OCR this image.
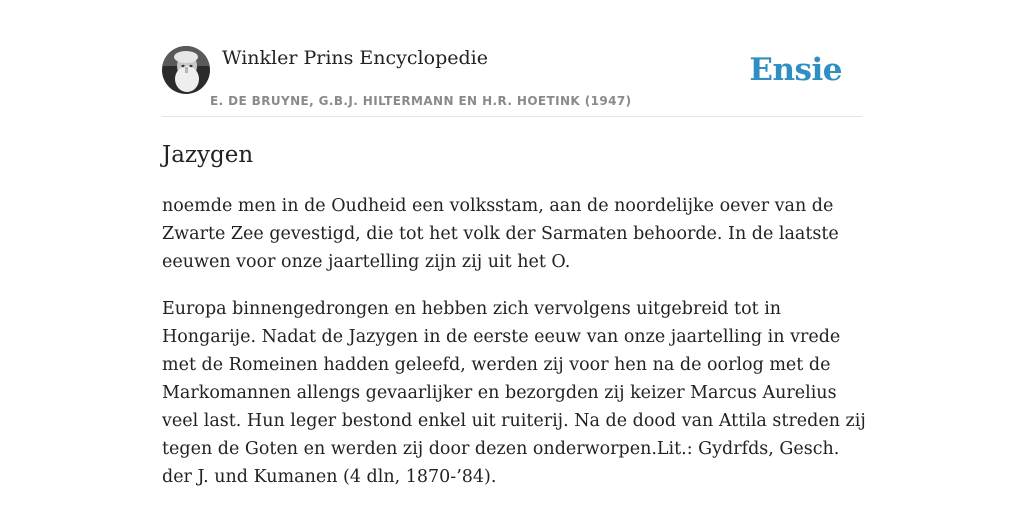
Winkler Prins Encyclopedie
E. DE BRUYNE, G.B.J. HILTERMANN EN H.R. HOETINK (1947)
Ensie
Jazygen

noemde men in de Oudheid een volksstam, aan de noordelijke oever van de Zwarte Zee gevestigd, die tot het volk der Sarmaten behoorde. In de laatste eeuwen voor onze jaartelling zijn zij uit het O.

Europa binnengedrongen en hebben zich vervolgens uitgebreid tot in Hongarije. Nadat de Jazygen in de eerste eeuw van onze jaartelling in vrede met de Romeinen hadden geleefd, werden zij voor hen na de oorlog met de Markomannen allengs gevaarlijker en bezorgden zij keizer Marcus Aurelius veel last. Hun leger bestond enkel uit ruiterij. Na de dood van Attila streden zij tegen de Goten en werden zij door dezen onderworpen.Lit.: Gydrfds, Gesch. der J. und Kumanen (4 dln, 1870-’84).
